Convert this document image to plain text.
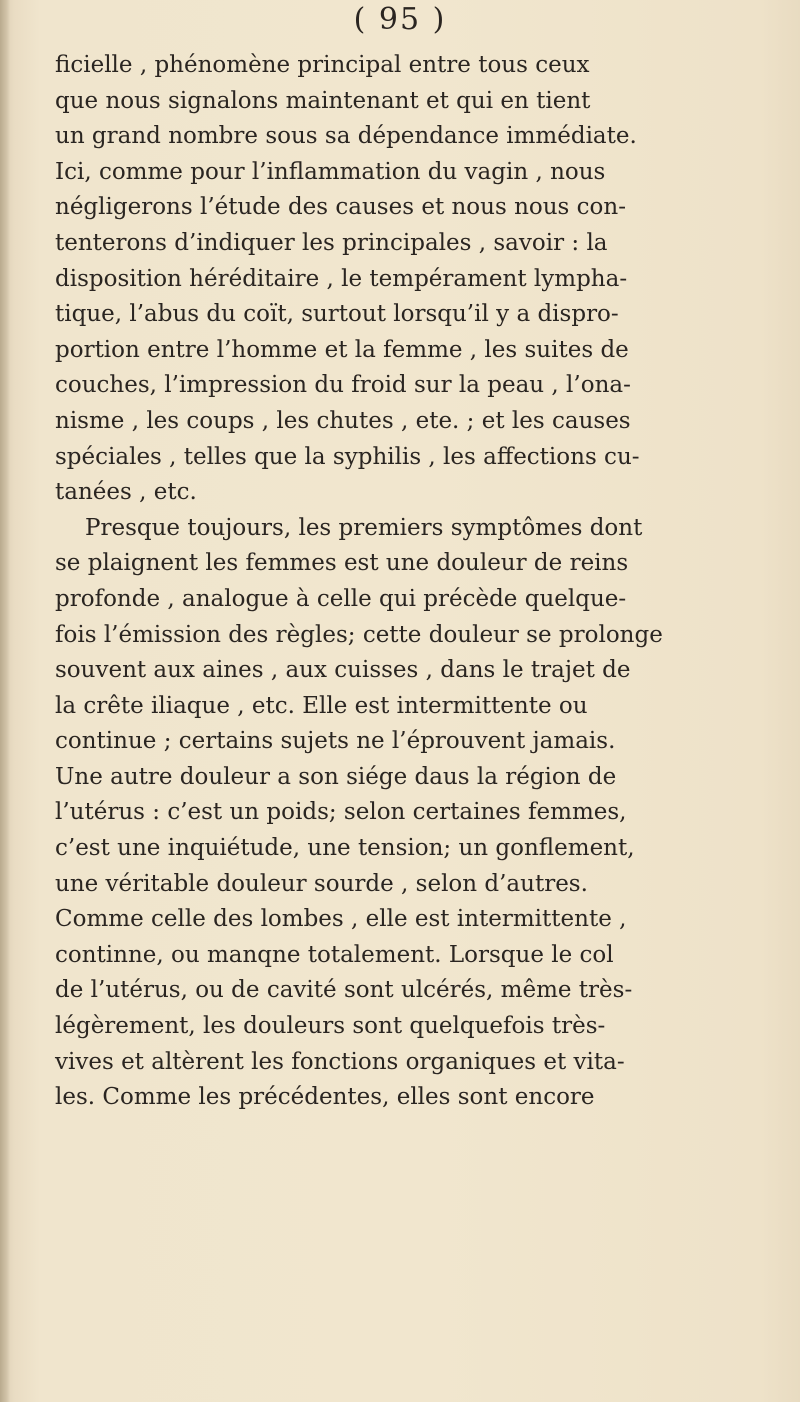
( 95 )
ficielle , phénomène principal entre tous ceux
que nous signalons maintenant et qui en tient
un grand nombre sous sa dépendance immédiate.
Ici, comme pour l’inflammation du vagin , nous
négligerons l’étude des causes et nous nous con-
tenterons d’indiquer les principales , savoir : la
disposition héréditaire , le tempérament lympha-
tique, l’abus du coït, surtout lorsqu’il y a dispro-
portion entre l’homme et la femme , les suites de
couches, l’impression du froid sur la peau , l’ona-
nisme , les coups , les chutes , ete. ; et les causes
spéciales , telles que la syphilis , les affections cu-
tanées , etc.
Presque toujours, les premiers symptômes dont
se plaignent les femmes est une douleur de reins
profonde , analogue à celle qui précède quelque-
fois l’émission des règles; cette douleur se prolonge
souvent aux aines , aux cuisses , dans le trajet de
la crête iliaque , etc. Elle est intermittente ou
continue ; certains sujets ne l’éprouvent jamais.
Une autre douleur a son siége daus la région de
l’utérus : c’est un poids; selon certaines femmes,
c’est une inquiétude, une tension; un gonflement,
une véritable douleur sourde , selon d’autres.
Comme celle des lombes , elle est intermittente ,
continne, ou manqne totalement. Lorsque le col
de l’utérus, ou de cavité sont ulcérés, même très-
légèrement, les douleurs sont quelquefois très-
vives et altèrent les fonctions organiques et vita-
les. Comme les précédentes, elles sont encore
